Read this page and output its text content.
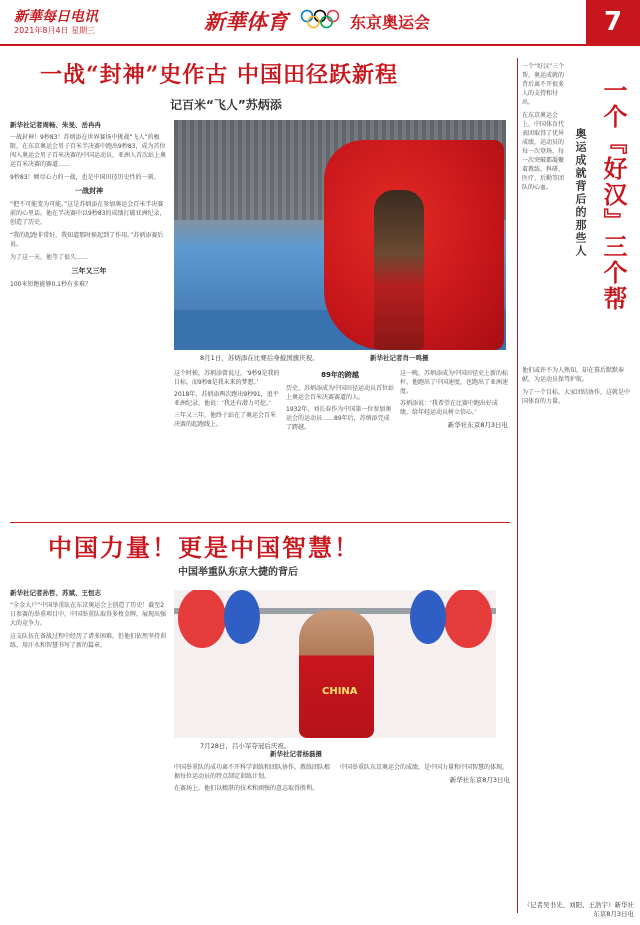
新華每日电讯
2021年8月4日 星期三	新華体育	东京奥运会	7
一战“封神”史作古 中国田径跃新程
记百米“飞人”苏炳添
新华社记者周畅、朱旻、岳冉冉

一战封神！9秒83！苏炳添在世界赛场中挑战“飞人”的极限，在东京奥运会男子百米半决赛中跑出9秒83，成为首位闯入奥运会男子百米决赛的中国运动员，亚洲人首次站上奥运百米决赛的赛道……

9秒83！倾尽心力的一战，也是中国田径历史性的一刻。

一战封神

“把不可能变为可能。”这是苏炳添在参加奥运会百米半决赛前的心里话。他在半决赛中以9秒83的成绩打破亚洲纪录，创造了历史。

“我的起跑非常好，我知道那时候起到了作用。”苏炳添赛后说。

为了这一天，他等了很久……

三年又三年

100米短跑能够0.1秒有多难？

8月1日，苏炳添在比赛后身披国旗庆祝。	新华社记者肖一鸣摄

这个时候，苏炳添曾说过，‘9秒9是我的目标，而9秒8是我未来的梦想。’

2018年，苏炳添两次跑出9秒91，追平亚洲纪录，他说：‘我还有潜力可挖。’

三年又三年，他终于站在了奥运会百米决赛的起跑线上。

89年的跨越

历史，苏炳添成为中国田径运动员首位站上奥运会百米决赛赛道的人。

1932年，刘长春作为中国第一位参加奥运会的运动员……89年后，苏炳添完成了跨越。

这一晚，苏炳添成为中国田径史上新的标杆，他跑出了中国速度，也跑出了亚洲速度。

苏炳添说：‘我希望在比赛中跑出好成绩，给年轻运动员树立信心。’

新华社东京8月3日电

一个『好汉』三个帮
奥运成就背后的那些人

一个“好汉”三个帮，奥运成就的背后离不开很多人的支持和付出。

在东京奥运会上，中国体育代表团取得了优异成绩，运动员的每一次登场、每一次突破都凝聚着教练、科研、医疗、后勤等团队的心血。

他们或许不为人熟知，却在幕后默默奉献，为运动员保驾护航。

为了一个目标，大家团结协作，这就是中国体育的力量。

（记者吴书光、刘阳、王浩宇）新华社东京8月3日电
中国力量！更是中国智慧！
中国举重队东京大捷的背后
新华社记者孙哲、苏斌、王恒志

“全金大户”中国举重队在东京奥运会上创造了历史！截至2日参赛的举重项目中，中国举重队取得多枚金牌，展现出强大的竞争力。

这支队伍在备战过程中经历了诸多困难，但他们依然坚持训练，用汗水和智慧书写了新的篇章。

CHINA
7月28日，吕小军夺冠后庆祝。
新华社记者杨磊摄

中国举重队的成功离不开科学训练和团队协作，教练团队根据每位运动员的特点制定训练计划。

在赛场上，他们以精湛的技术和顽强的意志取得胜利。

中国举重队东京奥运会的成绩，是中国力量和中国智慧的体现。

新华社东京8月3日电
